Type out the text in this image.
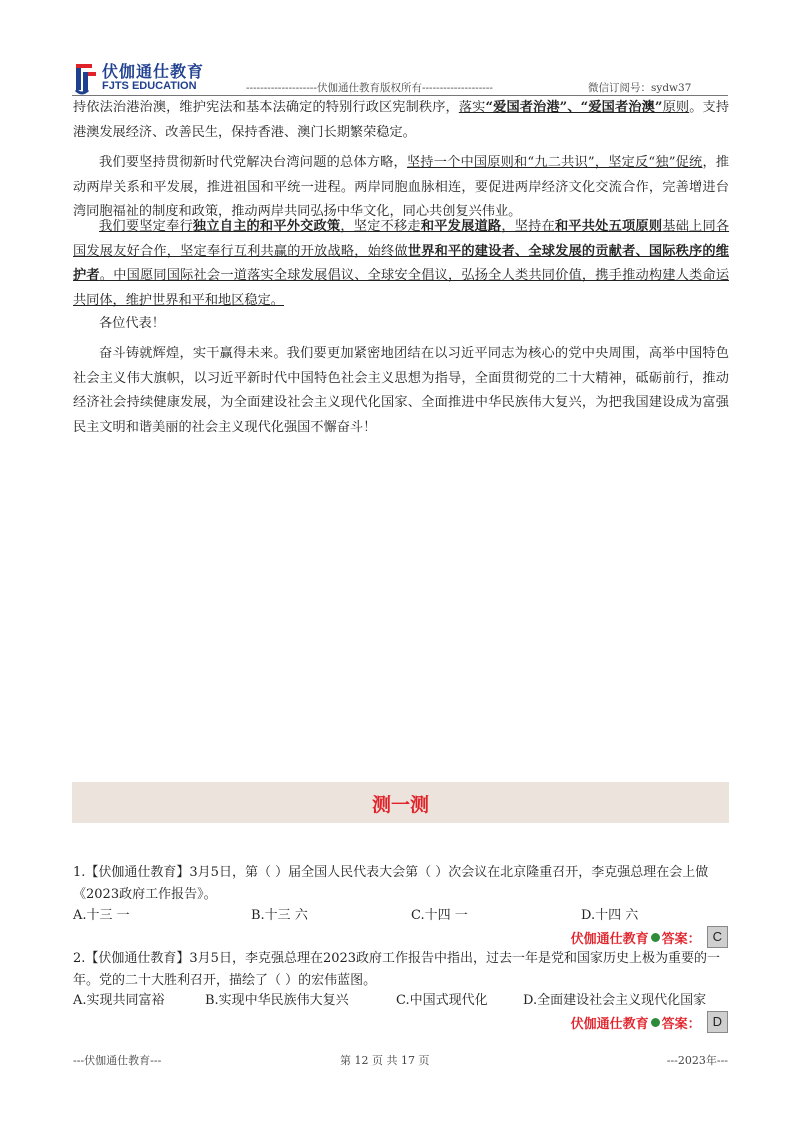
伏伽通仕教育
FJTS EDUCATION	--------------------伏伽通仕教育版权所有--------------------	微信订阅号：sydw37
持依法治港治澳，维护宪法和基本法确定的特别行政区宪制秩序，落实“爱国者治港”、“爱国者治澳”原则。支持港澳发展经济、改善民生，保持香港、澳门长期繁荣稳定。
我们要坚持贯彻新时代党解决台湾问题的总体方略，坚持一个中国原则和“九二共识”，坚定反“独”促统，推动两岸关系和平发展，推进祖国和平统一进程。两岸同胞血脉相连，要促进两岸经济文化交流合作，完善增进台湾同胞福祉的制度和政策，推动两岸共同弘扬中华文化，同心共创复兴伟业。
我们要坚定奉行独立自主的和平外交政策，坚定不移走和平发展道路，坚持在和平共处五项原则基础上同各国发展友好合作，坚定奉行互利共赢的开放战略，始终做世界和平的建设者、全球发展的贡献者、国际秩序的维护者。中国愿同国际社会一道落实全球发展倡议、全球安全倡议，弘扬全人类共同价值，携手推动构建人类命运共同体，维护世界和平和地区稳定。
各位代表！
奋斗铸就辉煌，实干赢得未来。我们要更加紧密地团结在以习近平同志为核心的党中央周围，高举中国特色社会主义伟大旗帜，以习近平新时代中国特色社会主义思想为指导，全面贯彻党的二十大精神，砥砺前行，推动经济社会持续健康发展，为全面建设社会主义现代化国家、全面推进中华民族伟大复兴，为把我国建设成为富强民主文明和谐美丽的社会主义现代化强国不懈奋斗！
测一测
1.【伏伽通仕教育】3月5日，第（ ）届全国人民代表大会第（ ）次会议在北京隆重召开，李克强总理在会上做《2023政府工作报告》。
A.十三 一	B.十三 六	C.十四 一	D.十四 六
伏伽通仕教育 答案： C
2.【伏伽通仕教育】3月5日，李克强总理在2023政府工作报告中指出，过去一年是党和国家历史上极为重要的一年。党的二十大胜利召开，描绘了（ ）的宏伟蓝图。
A.实现共同富裕	B.实现中华民族伟大复兴	C.中国式现代化	D.全面建设社会主义现代化国家
伏伽通仕教育 答案： D
---伏伽通仕教育---	第 12 页 共 17 页	---2023年---
